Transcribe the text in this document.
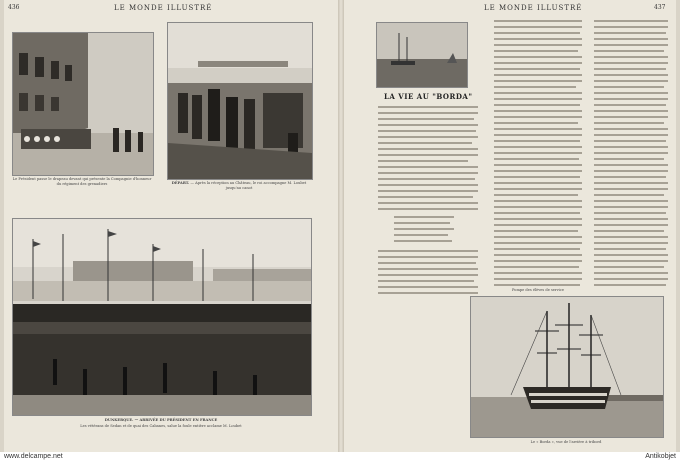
436	LE MONDE ILLUSTRÉ
Le Président passe le drapeau devant qui présente la Compagnie d'honneur du régiment des grenadiers	DÉPART. — Après la réception au Château, le roi accompagne M. Loubet jusqu'au canot
DUNKERQUE. — ARRIVÉE DU PRÉSIDENT EN FRANCE
Les vétérans de Sedan et de quai des Cabanes, salue la foule entière acclame M. Loubet
LE MONDE ILLUSTRÉ	437
LA VIE AU "BORDA"
Pompe des élèves de service
Le « Borda », vue de l'arrière à tribord
www.delcampe.net	Antikobjet
